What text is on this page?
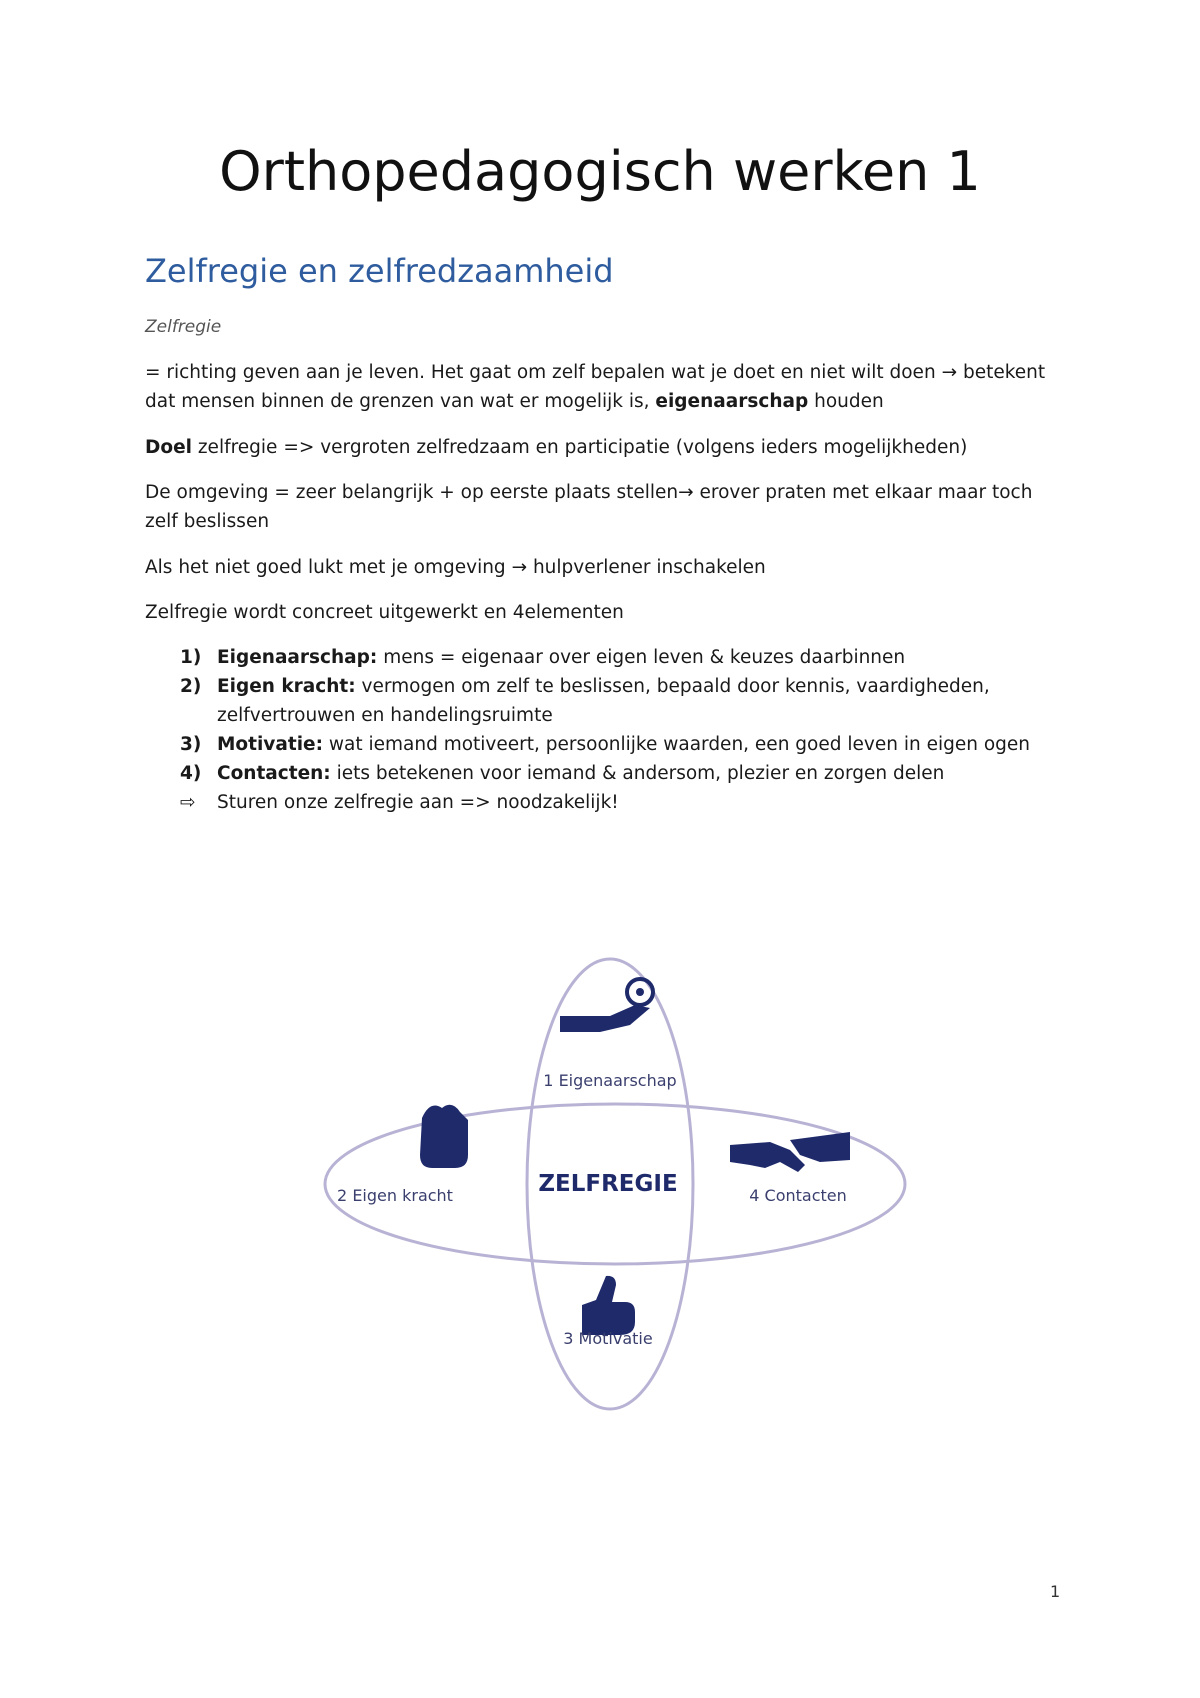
Orthopedagogisch werken 1
Zelfregie en zelfredzaamheid
Zelfregie
= richting geven aan je leven. Het gaat om zelf bepalen wat je doet en niet wilt doen → betekent dat mensen binnen de grenzen van wat er mogelijk is, eigenaarschap houden
Doel zelfregie => vergroten zelfredzaam en participatie (volgens ieders mogelijkheden)
De omgeving = zeer belangrijk + op eerste plaats stellen→ erover praten met elkaar maar toch zelf beslissen
Als het niet goed lukt met je omgeving → hulpverlener inschakelen
Zelfregie wordt concreet uitgewerkt en 4elementen
1) Eigenaarschap: mens = eigenaar over eigen leven & keuzes daarbinnen
2) Eigen kracht: vermogen om zelf te beslissen, bepaald door kennis, vaardigheden, zelfvertrouwen en handelingsruimte
3) Motivatie: wat iemand motiveert, persoonlijke waarden, een goed leven in eigen ogen
4) Contacten: iets betekenen voor iemand & andersom, plezier en zorgen delen
⇨	Sturen onze zelfregie aan => noodzakelijk!
1 Eigenaarschap
2 Eigen kracht	ZELFREGIE	4 Contacten
3 Motivatie
1
